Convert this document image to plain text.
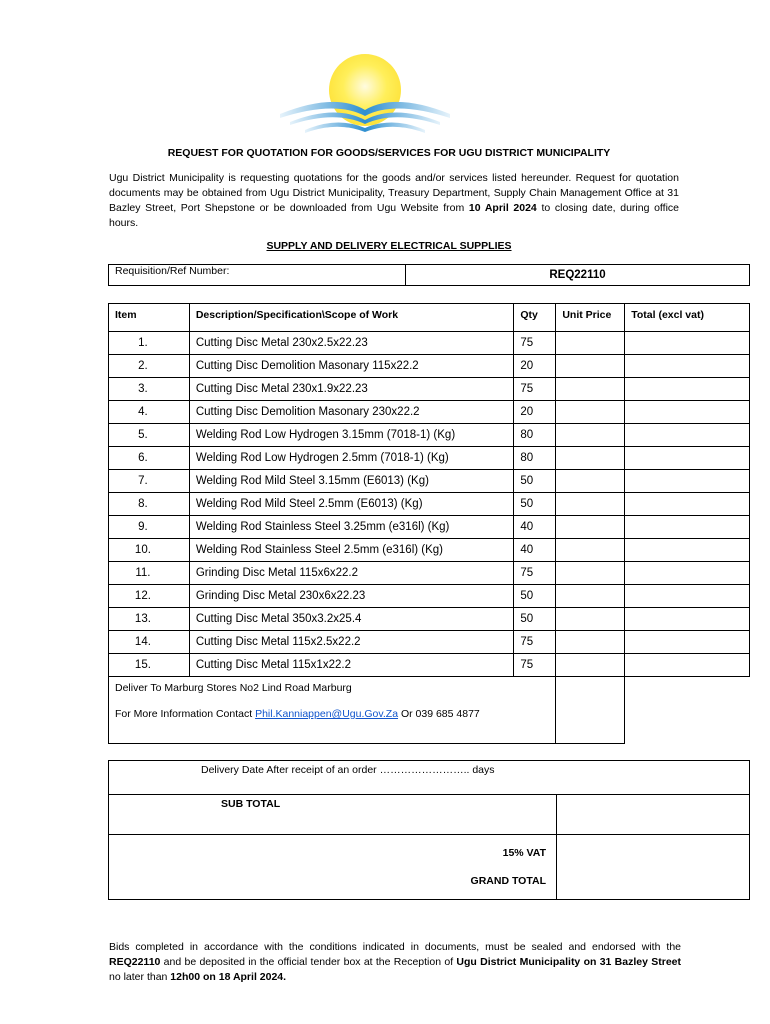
REQUEST FOR QUOTATION FOR GOODS/SERVICES FOR UGU DISTRICT MUNICIPALITY
Ugu District Municipality is requesting quotations for the goods and/or services listed hereunder. Request for quotation documents may be obtained from Ugu District Municipality, Treasury Department, Supply Chain Management Office at 31 Bazley Street, Port Shepstone or be downloaded from Ugu Website from 10 April 2024 to closing date, during office hours.
SUPPLY AND DELIVERY ELECTRICAL SUPPLIES
Requisition/Ref Number:	REQ22110
Item	Description/Specification\Scope of Work	Qty	Unit Price	Total (excl vat)
1.	Cutting Disc Metal 230x2.5x22.23	75		
2.	Cutting Disc Demolition Masonary 115x22.2	20		
3.	Cutting Disc Metal 230x1.9x22.23	75		
4.	Cutting Disc Demolition Masonary 230x22.2	20		
5.	Welding Rod Low Hydrogen 3.15mm (7018-1) (Kg)	80		
6.	Welding Rod Low Hydrogen 2.5mm (7018-1) (Kg)	80		
7.	Welding Rod Mild Steel 3.15mm (E6013) (Kg)	50		
8.	Welding Rod Mild Steel 2.5mm (E6013) (Kg)	50		
9.	Welding Rod Stainless Steel 3.25mm (e316l) (Kg)	40		
10.	Welding Rod Stainless Steel 2.5mm (e316l) (Kg)	40		
11.	Grinding Disc Metal 115x6x22.2	75		
12.	Grinding Disc Metal 230x6x22.23	50		
13.	Cutting Disc Metal 350x3.2x25.4	50		
14.	Cutting Disc Metal 115x2.5x22.2	75		
15.	Cutting Disc Metal 115x1x22.2	75		

Deliver To Marburg Stores No2 Lind Road Marburg
For More Information Contact Phil.Kanniappen@Ugu.Gov.Za Or 039 685 4877				

Delivery Date After receipt of an order …………………….. days	
SUB TOTAL	

15% VAT
GRAND TOTAL	

Bids completed in accordance with the conditions indicated in documents, must be sealed and endorsed with the REQ22110 and be deposited in the official tender box at the Reception of Ugu District Municipality on 31 Bazley Street no later than 12h00 on 18 April 2024.
